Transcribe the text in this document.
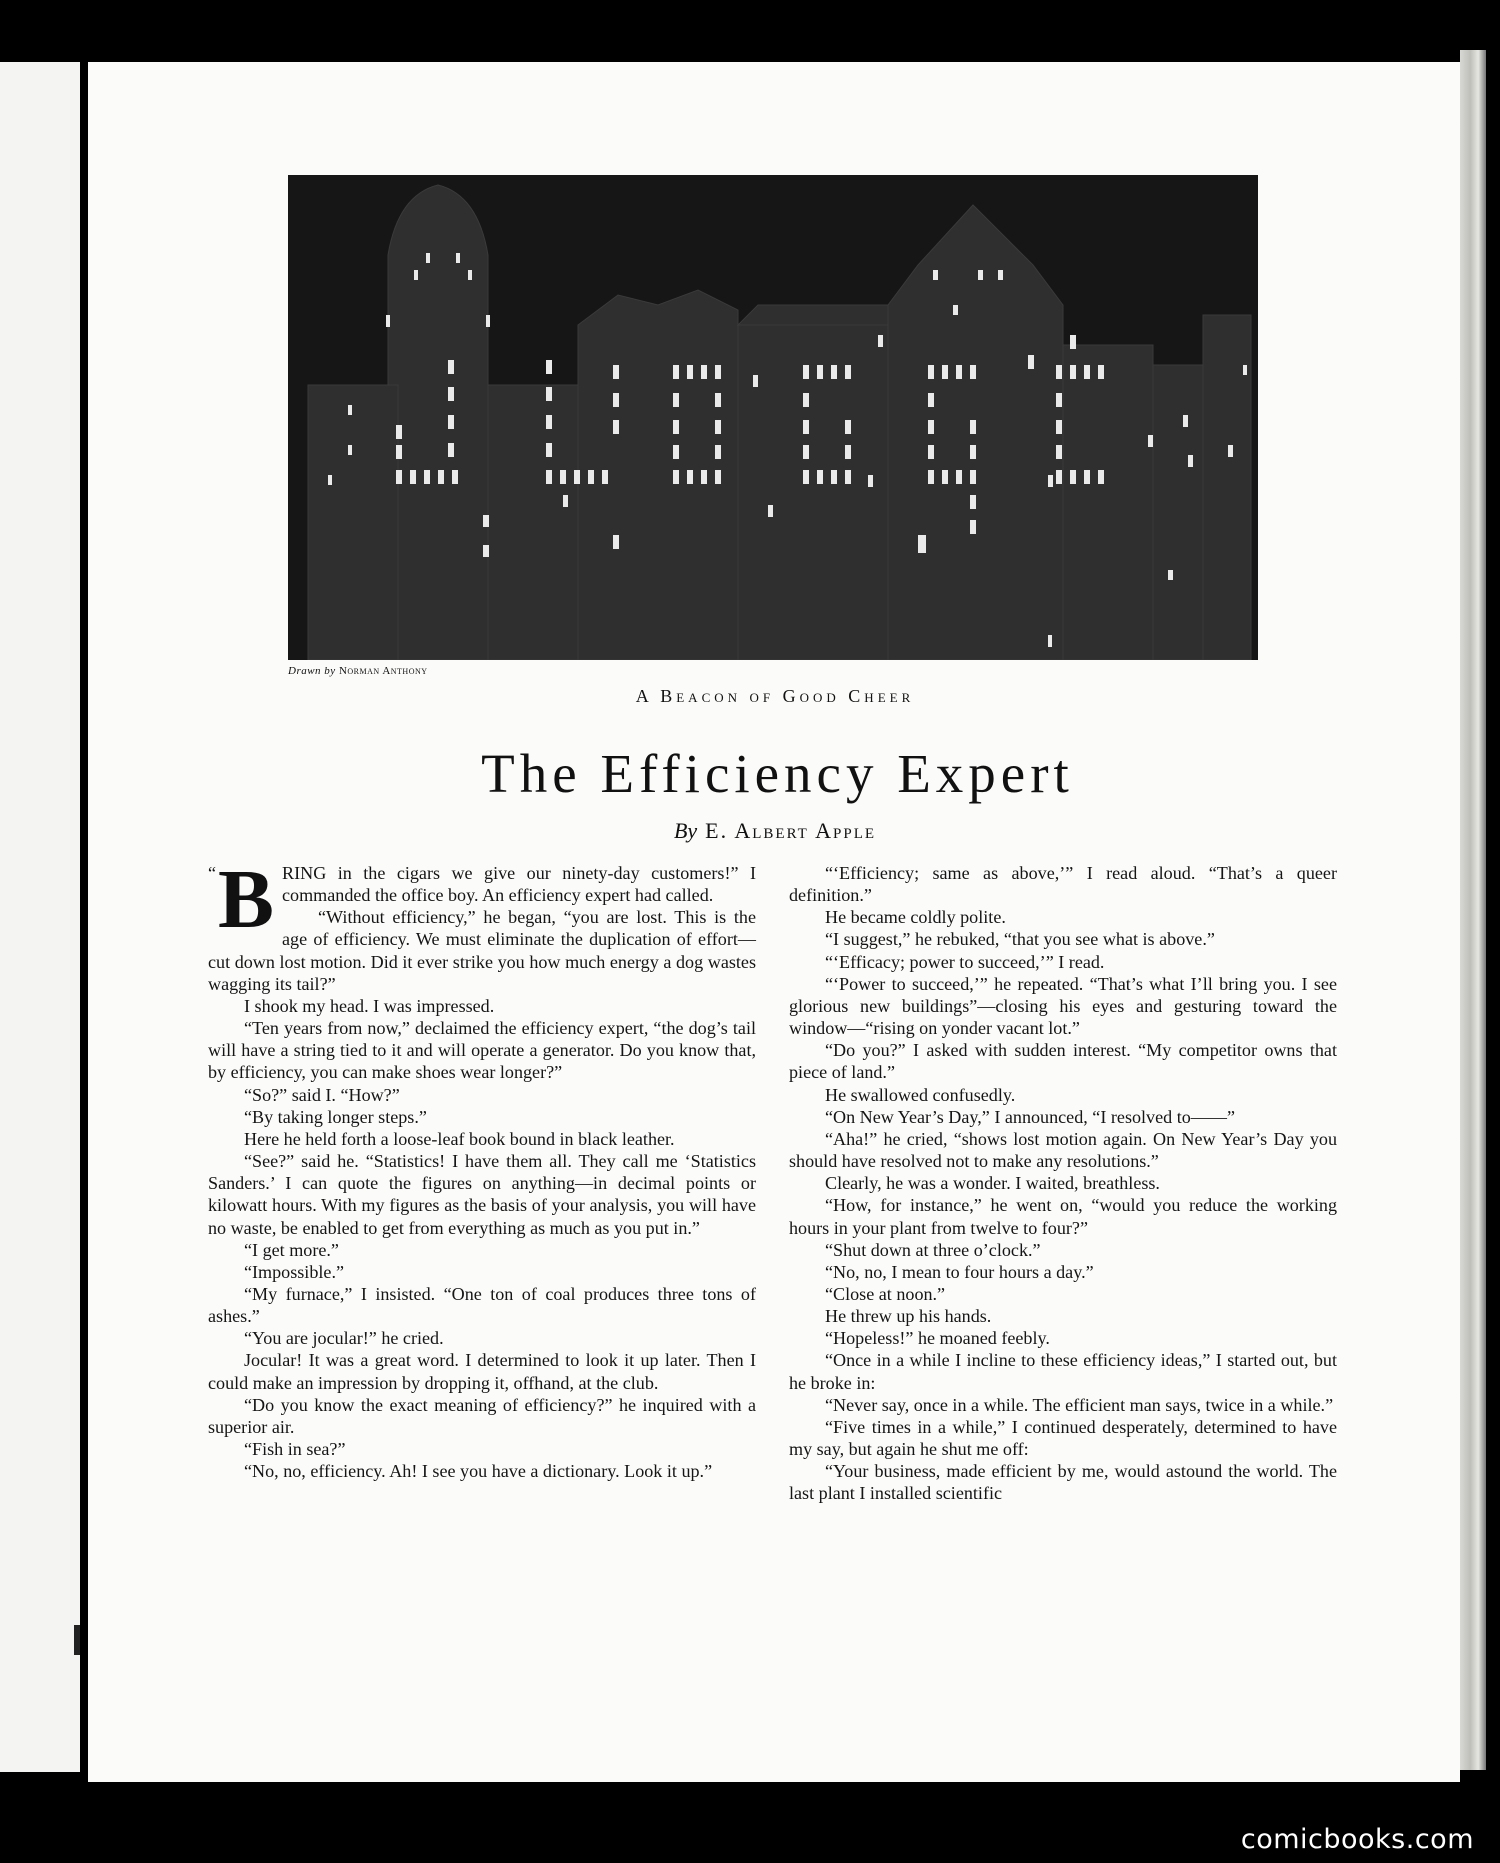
Drawn by Norman Anthony
A Beacon of Good Cheer
The Efficiency Expert
By E. Albert Apple

“ B RING in the cigars we give our ninety-day customers!” I commanded the office boy. An efficiency expert had called.

“Without efficiency,” he began, “you are lost. This is the age of efficiency. We must eliminate the duplication of effort—cut down lost motion. Did it ever strike you how much energy a dog wastes wagging its tail?”

I shook my head. I was impressed.

“Ten years from now,” declaimed the efficiency expert, “the dog’s tail will have a string tied to it and will operate a generator. Do you know that, by efficiency, you can make shoes wear longer?”

“So?” said I. “How?”

“By taking longer steps.”

Here he held forth a loose-leaf book bound in black leather.

“See?” said he. “Statistics! I have them all. They call me ‘Statistics Sanders.’ I can quote the figures on anything—in decimal points or kilowatt hours. With my figures as the basis of your analysis, you will have no waste, be enabled to get from everything as much as you put in.”

“I get more.”

“Impossible.”

“My furnace,” I insisted. “One ton of coal produces three tons of ashes.”

“You are jocular!” he cried.

Jocular! It was a great word. I determined to look it up later. Then I could make an impression by dropping it, offhand, at the club.

“Do you know the exact meaning of efficiency?” he inquired with a superior air.

“Fish in sea?”

“No, no, efficiency. Ah! I see you have a dictionary. Look it up.”

“‘Efficiency; same as above,’” I read aloud. “That’s a queer definition.”

He became coldly polite.

“I suggest,” he rebuked, “that you see what is above.”

“‘Efficacy; power to succeed,’” I read.

“‘Power to succeed,’” he repeated. “That’s what I’ll bring you. I see glorious new buildings”—closing his eyes and gesturing toward the window—“rising on yonder vacant lot.”

“Do you?” I asked with sudden interest. “My competitor owns that piece of land.”

He swallowed confusedly.

“On New Year’s Day,” I announced, “I resolved to——”

“Aha!” he cried, “shows lost motion again. On New Year’s Day you should have resolved not to make any resolutions.”

Clearly, he was a wonder. I waited, breathless.

“How, for instance,” he went on, “would you reduce the working hours in your plant from twelve to four?”

“Shut down at three o’clock.”

“No, no, I mean to four hours a day.”

“Close at noon.”

He threw up his hands.

“Hopeless!” he moaned feebly.

“Once in a while I incline to these efficiency ideas,” I started out, but he broke in:

“Never say, once in a while. The efficient man says, twice in a while.”

“Five times in a while,” I continued desperately, determined to have my say, but again he shut me off:

“Your business, made efficient by me, would astound the world. The last plant I installed scientific

comicbooks.com
